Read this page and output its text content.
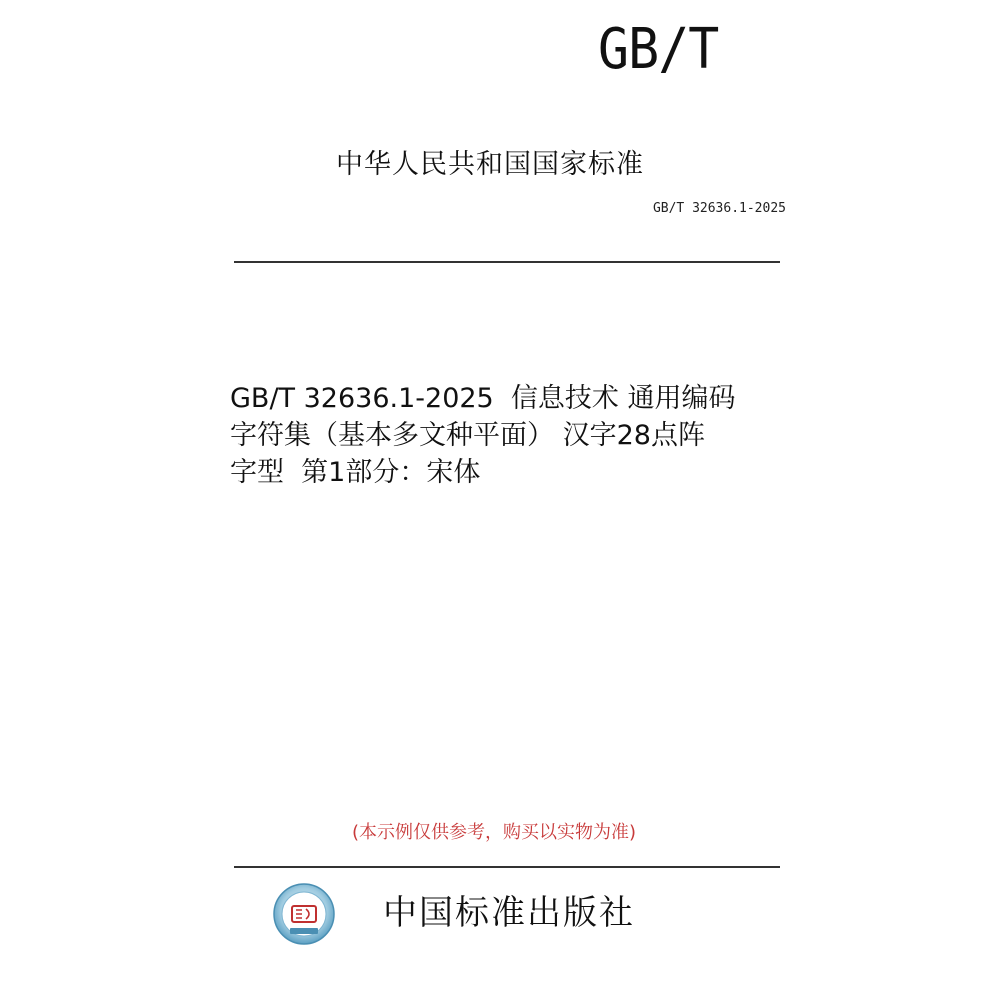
GB/T
中华人民共和国国家标准
GB/T 32636.1-2025
GB/T 32636.1-2025  信息技术 通用编码
字符集（基本多文种平面） 汉字28点阵
字型  第1部分：宋体
(本示例仅供参考，购买以实物为准)
中国标准出版社
